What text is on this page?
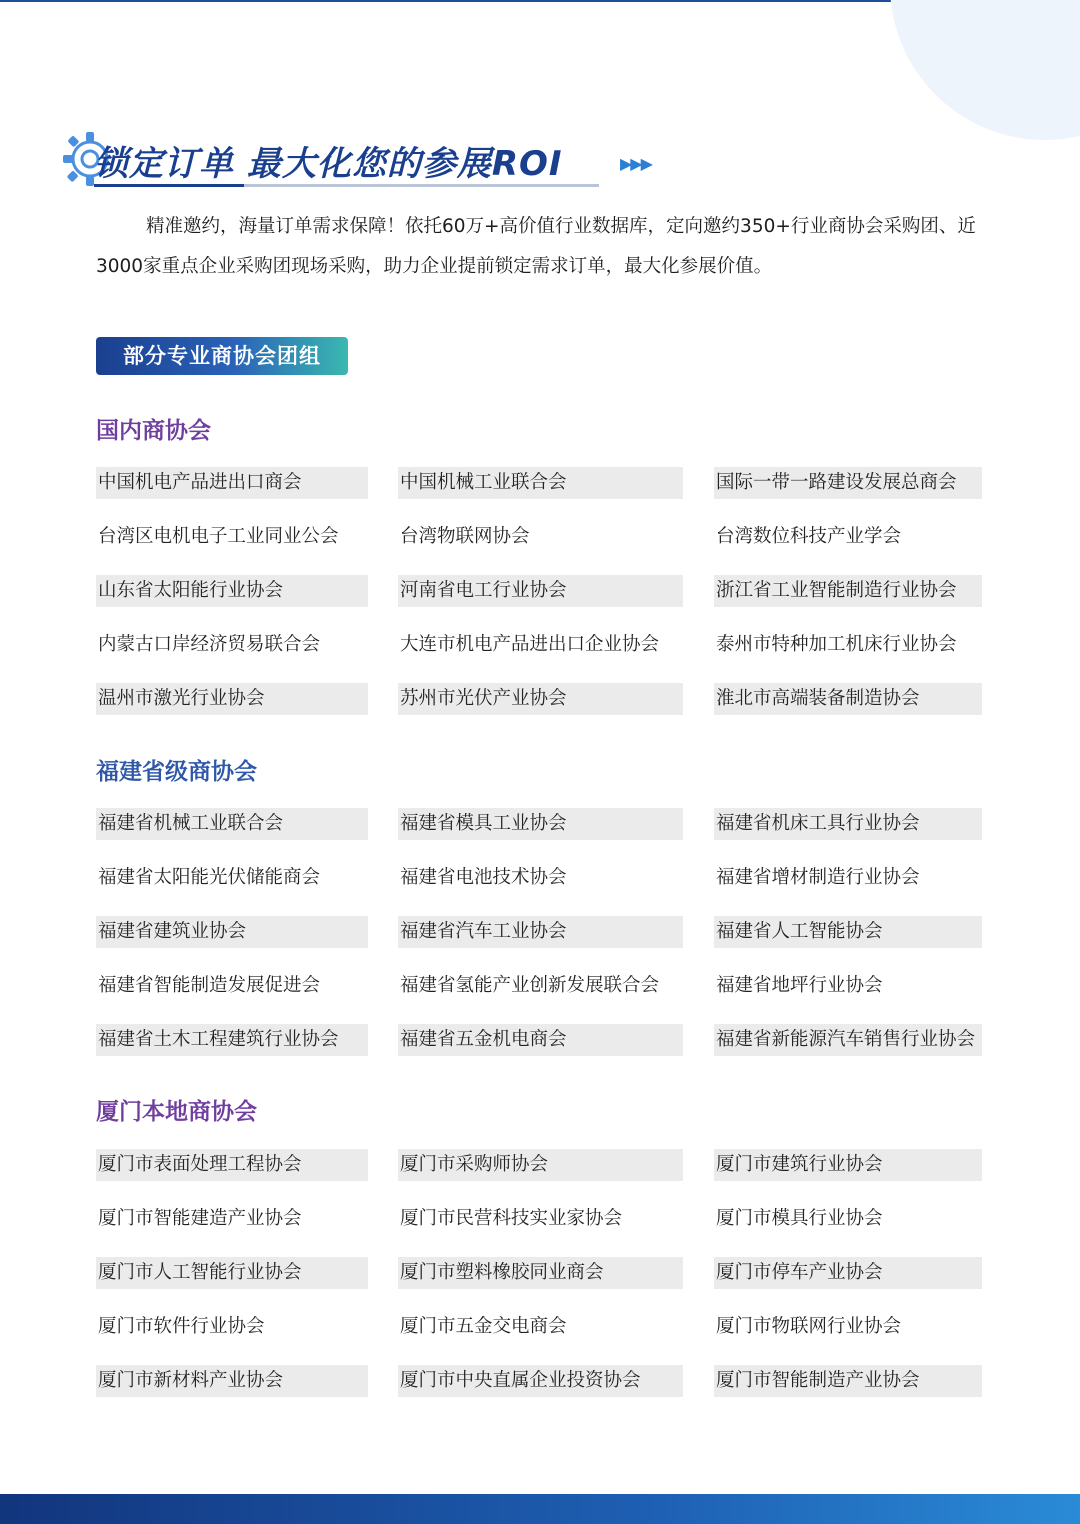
锁定订单 最大化您的参展ROI	▶▶▶

精准邀约，海量订单需求保障！依托60万+高价值行业数据库，定向邀约350+行业商协会采购团、近3000家重点企业采购团现场采购，助力企业提前锁定需求订单，最大化参展价值。

部分专业商协会团组
国内商协会
中国机电产品进出口商会	中国机械工业联合会	国际一带一路建设发展总商会
台湾区电机电子工业同业公会	台湾物联网协会	台湾数位科技产业学会
山东省太阳能行业协会	河南省电工行业协会	浙江省工业智能制造行业协会
内蒙古口岸经济贸易联合会	大连市机电产品进出口企业协会	泰州市特种加工机床行业协会
温州市激光行业协会	苏州市光伏产业协会	淮北市高端装备制造协会
福建省级商协会
福建省机械工业联合会	福建省模具工业协会	福建省机床工具行业协会
福建省太阳能光伏储能商会	福建省电池技术协会	福建省增材制造行业协会
福建省建筑业协会	福建省汽车工业协会	福建省人工智能协会
福建省智能制造发展促进会	福建省氢能产业创新发展联合会	福建省地坪行业协会
福建省土木工程建筑行业协会	福建省五金机电商会	福建省新能源汽车销售行业协会
厦门本地商协会
厦门市表面处理工程协会	厦门市采购师协会	厦门市建筑行业协会
厦门市智能建造产业协会	厦门市民营科技实业家协会	厦门市模具行业协会
厦门市人工智能行业协会	厦门市塑料橡胶同业商会	厦门市停车产业协会
厦门市软件行业协会	厦门市五金交电商会	厦门市物联网行业协会
厦门市新材料产业协会	厦门市中央直属企业投资协会	厦门市智能制造产业协会
